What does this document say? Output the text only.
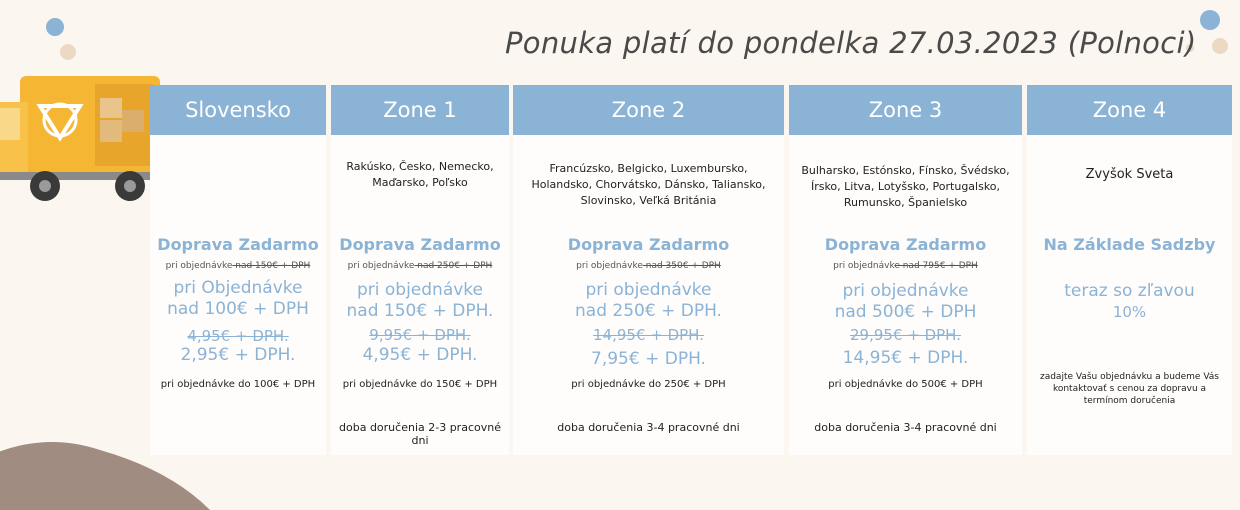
Ponuka platí do pondelka 27.03.2023 (Polnoci)
Slovensko
Doprava Zadarmo
pri objednávke nad 150€ + DPH
pri Objednávke
nad 100€ + DPH
4,95€ + DPH.
2,95€ + DPH.
pri objednávke do 100€ + DPH
Zone 1
Rakúsko, Česko, Nemecko, Maďarsko, Poľsko
Doprava Zadarmo
pri objednávke nad 250€ + DPH
pri objednávke
nad 150€ + DPH.
9,95€ + DPH.
4,95€ + DPH.
pri objednávke do 150€ + DPH
doba doručenia 2-3 pracovné dni
Zone 2
Francúzsko, Belgicko, Luxembursko, Holandsko, Chorvátsko, Dánsko, Taliansko, Slovinsko, Veľká Británia
Doprava Zadarmo
pri objednávke nad 350€ + DPH
pri objednávke
nad 250€ + DPH.
14,95€ + DPH.
7,95€ + DPH.
pri objednávke do 250€ + DPH
doba doručenia 3-4 pracovné dni
Zone 3
Bulharsko, Estónsko, Fínsko, Švédsko, Írsko, Litva, Lotyšsko, Portugalsko, Rumunsko, Španielsko
Doprava Zadarmo
pri objednávke nad 795€ + DPH
pri objednávke
nad 500€ + DPH
29,95€ + DPH.
14,95€ + DPH.
pri objednávke do 500€ + DPH
doba doručenia 3-4 pracovné dni
Zone 4
Zvyšok Sveta
Na Základe Sadzby
teraz so zľavou
10%
zadajte Vašu objednávku a budeme Vás kontaktovať s cenou za dopravu a termínom doručenia
